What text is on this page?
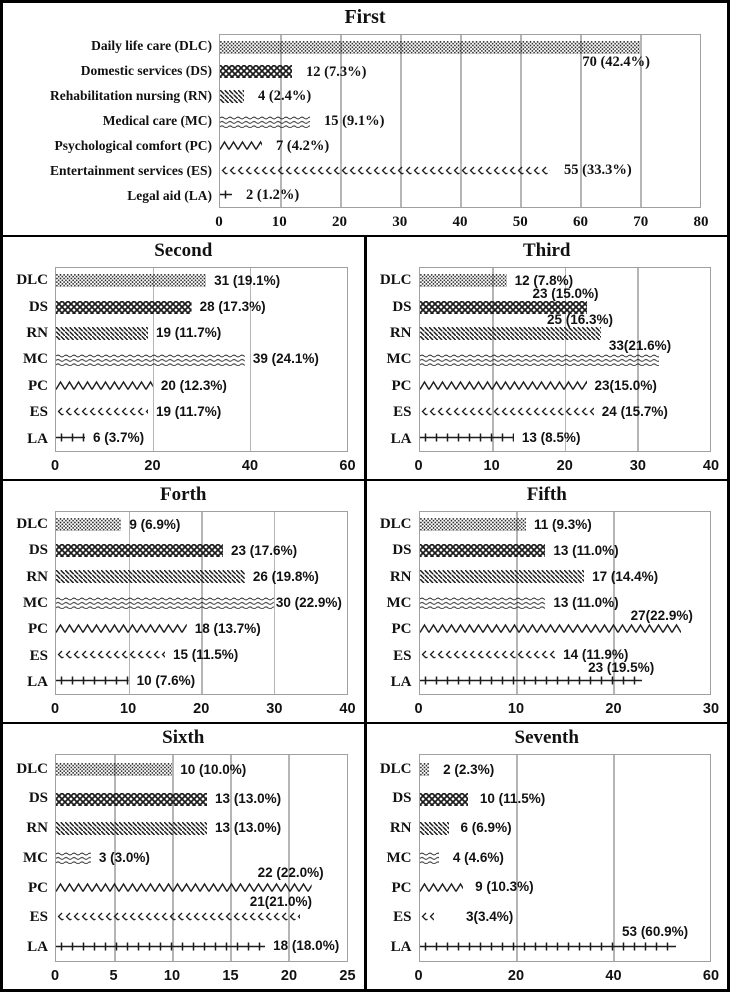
First
Daily life care (DLC)
Domestic services (DS)
Rehabilitation nursing (RN)
Medical care (MC)
Psychological comfort (PC)
Entertainment services (ES)
Legal aid (LA)
70 (42.4%)
12 (7.3%)
4 (2.4%)
15 (9.1%)
7 (4.2%)
55 (33.3%)
2 (1.2%)
0	10	20	30	40	50	60	70	80
Second
DLC
DS
RN
MC
PC
ES
LA
31 (19.1%)
28 (17.3%)
19 (11.7%)
39 (24.1%)
20 (12.3%)
19 (11.7%)
6 (3.7%)
0	20	40	60
Third
DLC
DS
RN
MC
PC
ES
LA
12 (7.8%)
23 (15.0%)
25 (16.3%)
33(21.6%)
23(15.0%)
24 (15.7%)
13 (8.5%)
0	10	20	30	40
Forth
DLC
DS
RN
MC
PC
ES
LA
9 (6.9%)
23 (17.6%)
26 (19.8%)
30 (22.9%)
18 (13.7%)
15 (11.5%)
10 (7.6%)
0	10	20	30	40
Fifth
DLC
DS
RN
MC
PC
ES
LA
11 (9.3%)
13 (11.0%)
17 (14.4%)
13 (11.0%)
27(22.9%)
14 (11.9%)
23 (19.5%)
0	10	20	30
Sixth
DLC
DS
RN
MC
PC
ES
LA
10 (10.0%)
13 (13.0%)
13 (13.0%)
3 (3.0%)
22 (22.0%)
21(21.0%)
18 (18.0%)
0	5	10	15	20	25
Seventh
DLC
DS
RN
MC
PC
ES
LA
2 (2.3%)
10 (11.5%)
6 (6.9%)
4 (4.6%)
9 (10.3%)
3(3.4%)
53 (60.9%)
0	20	40	60
